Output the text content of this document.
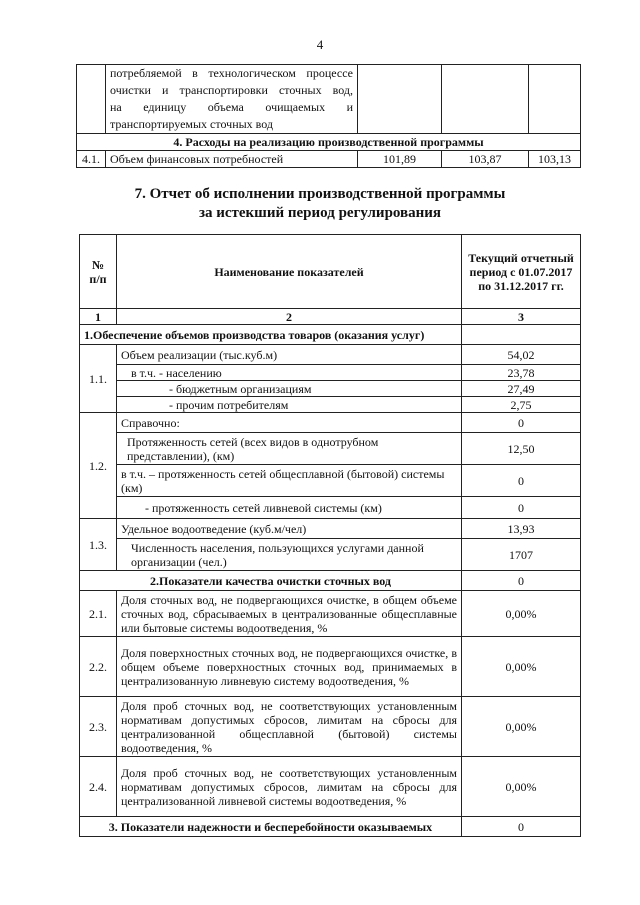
4

	потребляемой в технологическом процессе
очистки и транспортировки сточных вод,
на единицу объема очищаемых и
транспортируемых сточных вод			

4. Расходы на реализацию производственной программы				
4.1.	Объем финансовых потребностей	101,89	103,87	103,13
7. Отчет об исполнении производственной программы
за истекший период регулирования
№ п/п	Наименование показателей	Текущий отчетный период с 01.07.2017 по 31.12.2017 гг.
1	2	3
1.Обеспечение объемов производства товаров (оказания услуг)		
1.1.	Объем реализации (тыс.куб.м)	54,02
	в т.ч. - населению	23,78
	- бюджетным организациям	27,49
	- прочим потребителям	2,75
1.2.	Справочно:	0
	Протяженность сетей (всех видов в однотрубном представлении), (км)	12,50
	в т.ч. – протяженность сетей общесплавной (бытовой) системы (км)	0
	- протяженность сетей ливневой системы (км)	0
1.3.	Удельное водоотведение (куб.м/чел)	13,93
	Численность населения, пользующихся услугами данной организации (чел.)	1707
2.Показатели качества очистки сточных вод		0
2.1.	Доля сточных вод, не подвергающихся очистке, в общем объеме сточных вод, сбрасываемых в централизованные общесплавные или бытовые системы водоотведения, %	0,00%
2.2.	Доля поверхностных сточных вод, не подвергающихся очистке, в общем объеме поверхностных сточных вод, принимаемых в централизованную ливневую систему водоотведения, %	0,00%
2.3.	Доля проб сточных вод, не соответствующих установленным нормативам допустимых сбросов, лимитам на сбросы для централизованной общесплавной (бытовой) системы водоотведения, %	0,00%
2.4.	Доля проб сточных вод, не соответствующих установленным нормативам допустимых сбросов, лимитам на сбросы для централизованной ливневой системы водоотведения, %	0,00%
3. Показатели надежности и бесперебойности оказываемых		0
